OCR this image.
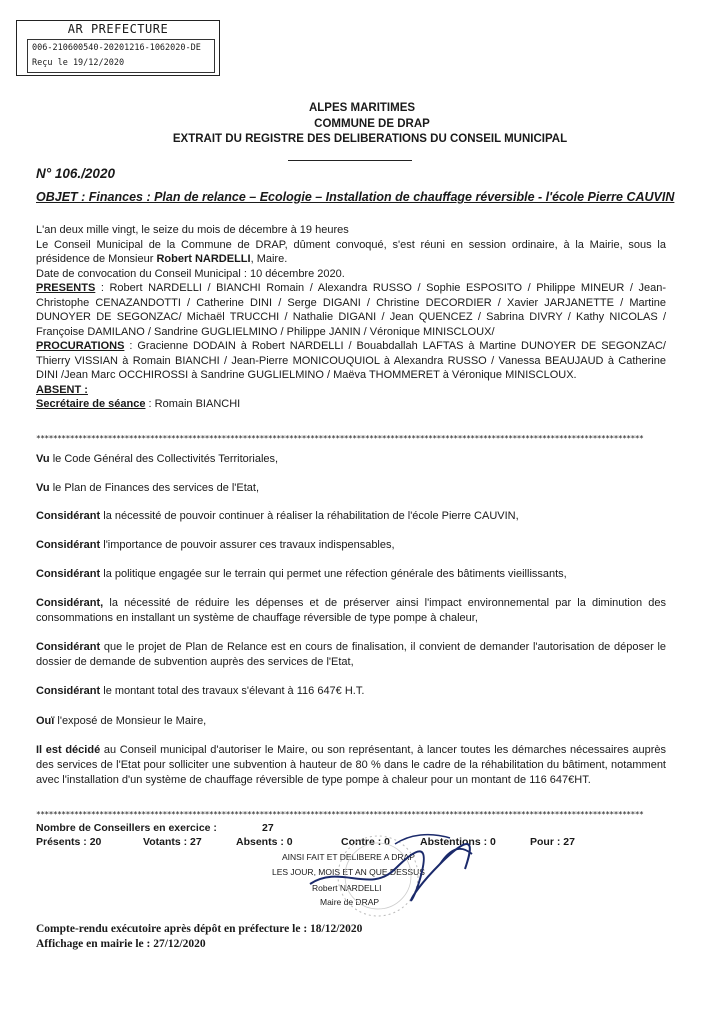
AR PREFECTURE
006-210600540-20201216-1062020-DE
Reçu le 19/12/2020
ALPES MARITIMES
COMMUNE DE DRAP
EXTRAIT DU REGISTRE DES DELIBERATIONS DU CONSEIL MUNICIPAL
N° 106./2020
OBJET : Finances : Plan de relance – Ecologie – Installation de chauffage réversible - l'école Pierre CAUVIN
L'an deux mille vingt, le seize du mois de décembre à 19 heures
Le Conseil Municipal de la Commune de DRAP, dûment convoqué, s'est réuni en session ordinaire, à la Mairie, sous la présidence de Monsieur Robert NARDELLI, Maire.
Date de convocation du Conseil Municipal : 10 décembre 2020.
PRESENTS : Robert NARDELLI / BIANCHI Romain / Alexandra RUSSO / Sophie ESPOSITO / Philippe MINEUR / Jean-Christophe CENAZANDOTTI / Catherine DINI / Serge DIGANI / Christine DECORDIER / Xavier JARJANETTE / Martine DUNOYER DE SEGONZAC/ Michaël TRUCCHI / Nathalie DIGANI / Jean QUENCEZ / Sabrina DIVRY / Kathy NICOLAS / Françoise DAMILANO / Sandrine GUGLIELMINO / Philippe JANIN / Véronique MINISCLOUX/
PROCURATIONS : Gracienne DODAIN à Robert NARDELLI / Bouabdallah LAFTAS à Martine DUNOYER DE SEGONZAC/ Thierry VISSIAN à Romain BIANCHI / Jean-Pierre MONICOUQUIOL à Alexandra RUSSO / Vanessa BEAUJAUD à Catherine DINI /Jean Marc OCCHIROSSI à Sandrine GUGLIELMINO / Maëva THOMMERET à Véronique MINISCLOUX.
ABSENT :
Secrétaire de séance : Romain BIANCHI
************************************************************************************************************************************************
Vu le Code Général des Collectivités Territoriales,
Vu le Plan de Finances des services de l'Etat,
Considérant la nécessité de pouvoir continuer à réaliser la réhabilitation de l'école Pierre CAUVIN,
Considérant l'importance de pouvoir assurer ces travaux indispensables,
Considérant la politique engagée sur le terrain qui permet une réfection générale des bâtiments vieillissants,
Considérant, la nécessité de réduire les dépenses et de préserver ainsi l'impact environnemental par la diminution des consommations en installant un système de chauffage réversible de type pompe à chaleur,
Considérant que le projet de Plan de Relance est en cours de finalisation, il convient de demander l'autorisation de déposer le dossier de demande de subvention auprès des services de l'Etat,
Considérant le montant total des travaux s'élevant à 116 647€ H.T.
Ouï l'exposé de Monsieur le Maire,
Il est décidé au Conseil municipal d'autoriser le Maire, ou son représentant, à lancer toutes les démarches nécessaires auprès des services de l'Etat pour solliciter une subvention à hauteur de 80 % dans le cadre de la réhabilitation du bâtiment, notamment avec l'installation d'un système de chauffage réversible de type pompe à chaleur pour un montant de 116 647€HT.
************************************************************************************************************************************************
Nombre de Conseillers en exercice :	27
Présents : 20	Votants : 27	Absents : 0	Contre : 0	Abstentions : 0	Pour : 27
AINSI FAIT ET DELIBERE A DRAP
LES JOUR, MOIS ET AN QUE DESSUS
Robert NARDELLI
Maire de DRAP
Compte-rendu exécutoire après dépôt en préfecture le : 18/12/2020
Affichage en mairie le : 27/12/2020
